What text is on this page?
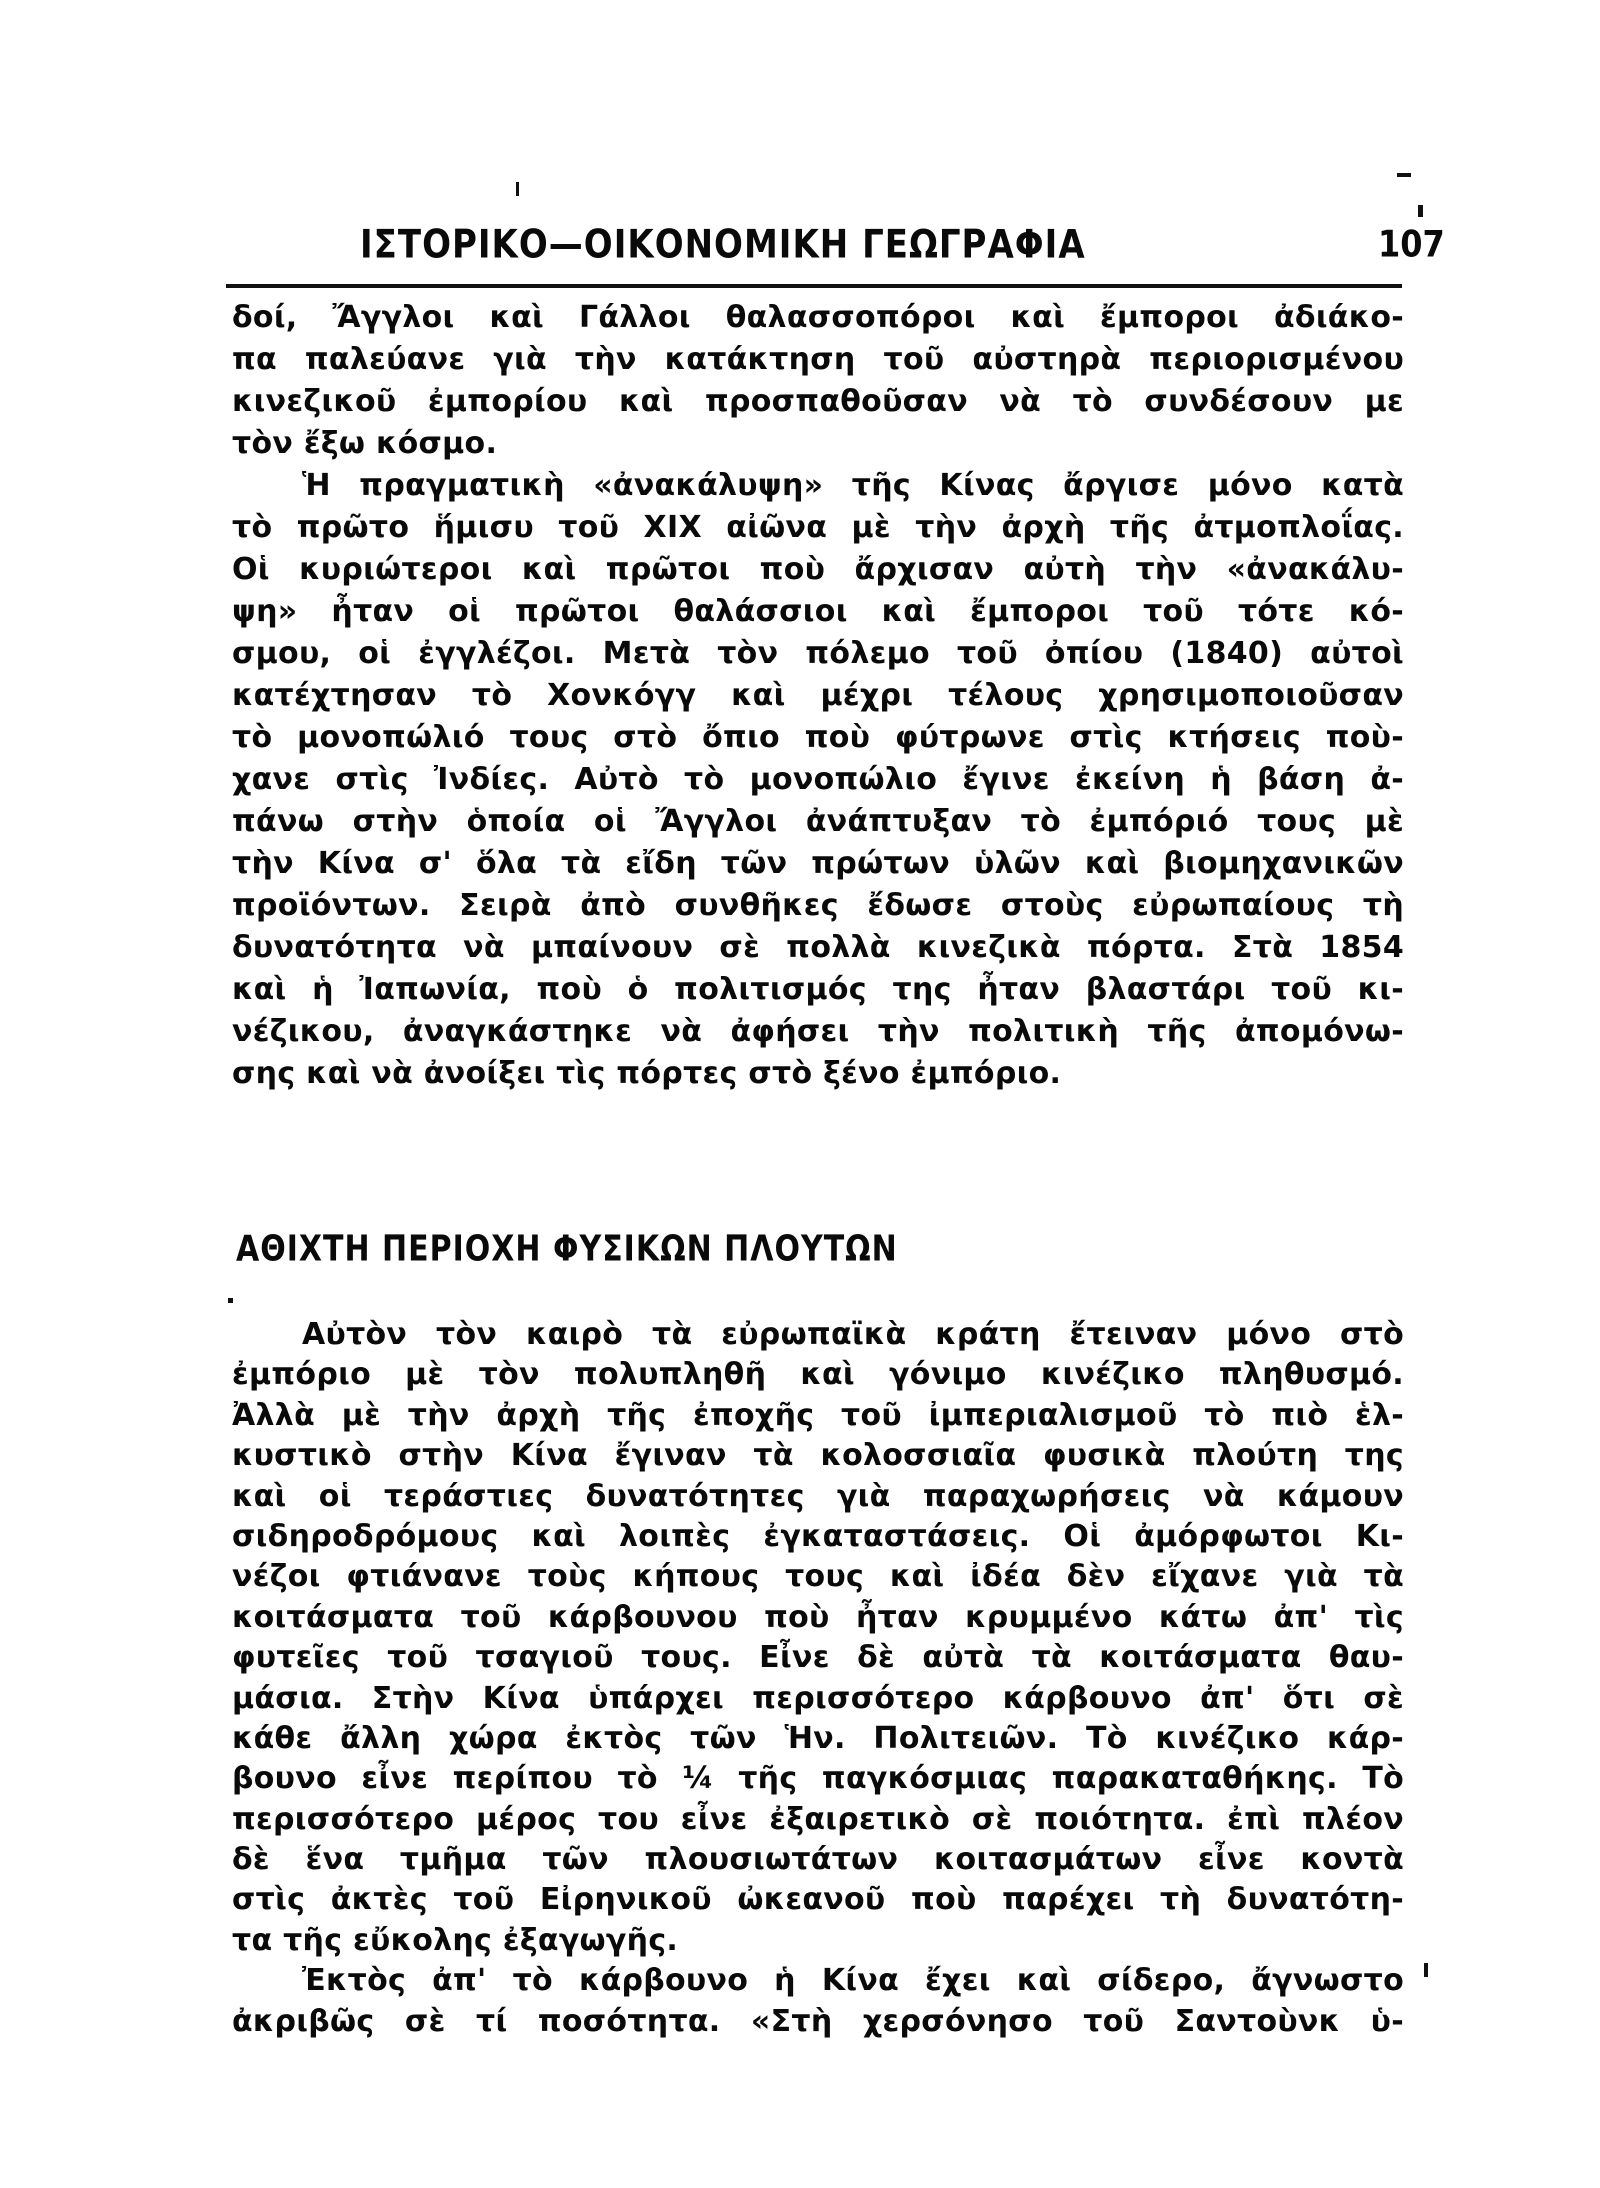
ΙΣΤΟΡΙΚΟ—ΟΙΚΟΝΟΜΙΚΗ ΓΕΩΓΡΑΦΙΑ	107
δοί, Ἄγγλοι καὶ Γάλλοι θαλασσοπόροι καὶ ἔμποροι ἀδιάκο-
πα παλεύανε γιὰ τὴν κατάκτηση τοῦ αὐστηρὰ περιορισμένου
κινεζικοῦ ἐμπορίου καὶ προσπαθοῦσαν νὰ τὸ συνδέσουν με
τὸν ἔξω κόσμο.
Ἡ πραγματικὴ «ἀνακάλυψη» τῆς Κίνας ἄργισε μόνο κατὰ
τὸ πρῶτο ἥμισυ τοῦ XIX αἰῶνα μὲ τὴν ἀρχὴ τῆς ἀτμοπλοΐας.
Οἱ κυριώτεροι καὶ πρῶτοι ποὺ ἄρχισαν αὐτὴ τὴν «ἀνακάλυ-
ψη» ἦταν οἱ πρῶτοι θαλάσσιοι καὶ ἔμποροι τοῦ τότε κό-
σμου, οἱ ἐγγλέζοι. Μετὰ τὸν πόλεμο τοῦ ὀπίου (1840) αὐτοὶ
κατέχτησαν τὸ Χονκόγγ καὶ μέχρι τέλους χρησιμοποιοῦσαν
τὸ μονοπώλιό τους στὸ ὄπιο ποὺ φύτρωνε στὶς κτήσεις ποὺ-
χανε στὶς Ἰνδίες. Αὐτὸ τὸ μονοπώλιο ἔγινε ἐκείνη ἡ βάση ἀ-
πάνω στὴν ὁποία οἱ Ἄγγλοι ἀνάπτυξαν τὸ ἐμπόριό τους μὲ
τὴν Κίνα σ' ὅλα τὰ εἴδη τῶν πρώτων ὑλῶν καὶ βιομηχανικῶν
προϊόντων. Σειρὰ ἀπὸ συνθῆκες ἔδωσε στοὺς εὐρωπαίους τὴ
δυνατότητα νὰ μπαίνουν σὲ πολλὰ κινεζικὰ πόρτα. Στὰ 1854
καὶ ἡ Ἰαπωνία, ποὺ ὁ πολιτισμός της ἦταν βλαστάρι τοῦ κι-
νέζικου, ἀναγκάστηκε νὰ ἀφήσει τὴν πολιτικὴ τῆς ἀπομόνω-
σης καὶ νὰ ἀνοίξει τὶς πόρτες στὸ ξένο ἐμπόριο.
ΑΘΙΧΤΗ ΠΕΡΙΟΧΗ ΦΥΣΙΚΩΝ ΠΛΟΥΤΩΝ
Αὐτὸν τὸν καιρὸ τὰ εὐρωπαϊκὰ κράτη ἔτειναν μόνο στὸ
ἐμπόριο μὲ τὸν πολυπληθῆ καὶ γόνιμο κινέζικο πληθυσμό.
Ἀλλὰ μὲ τὴν ἀρχὴ τῆς ἐποχῆς τοῦ ἰμπεριαλισμοῦ τὸ πιὸ ἑλ-
κυστικὸ στὴν Κίνα ἔγιναν τὰ κολοσσιαῖα φυσικὰ πλούτη της
καὶ οἱ τεράστιες δυνατότητες γιὰ παραχωρήσεις νὰ κάμουν
σιδηροδρόμους καὶ λοιπὲς ἐγκαταστάσεις. Οἱ ἀμόρφωτοι Κι-
νέζοι φτιάνανε τοὺς κήπους τους καὶ ἰδέα δὲν εἴχανε γιὰ τὰ
κοιτάσματα τοῦ κάρβουνου ποὺ ἦταν κρυμμένο κάτω ἀπ' τὶς
φυτεῖες τοῦ τσαγιοῦ τους. Εἶνε δὲ αὐτὰ τὰ κοιτάσματα θαυ-
μάσια. Στὴν Κίνα ὑπάρχει περισσότερο κάρβουνο ἀπ' ὅτι σὲ
κάθε ἄλλη χώρα ἐκτὸς τῶν Ἡν. Πολιτειῶν. Τὸ κινέζικο κάρ-
βουνο εἶνε περίπου τὸ ¼ τῆς παγκόσμιας παρακαταθήκης. Τὸ
περισσότερο μέρος του εἶνε ἐξαιρετικὸ σὲ ποιότητα. ἐπὶ πλέον
δὲ ἕνα τμῆμα τῶν πλουσιωτάτων κοιτασμάτων εἶνε κοντὰ
στὶς ἀκτὲς τοῦ Εἰρηνικοῦ ὠκεανοῦ ποὺ παρέχει τὴ δυνατότη-
τα τῆς εὔκολης ἐξαγωγῆς.
Ἐκτὸς ἀπ' τὸ κάρβουνο ἡ Κίνα ἔχει καὶ σίδερο, ἄγνωστο
ἀκριβῶς σὲ τί ποσότητα. «Στὴ χερσόνησο τοῦ Σαντοὺνκ ὑ-
